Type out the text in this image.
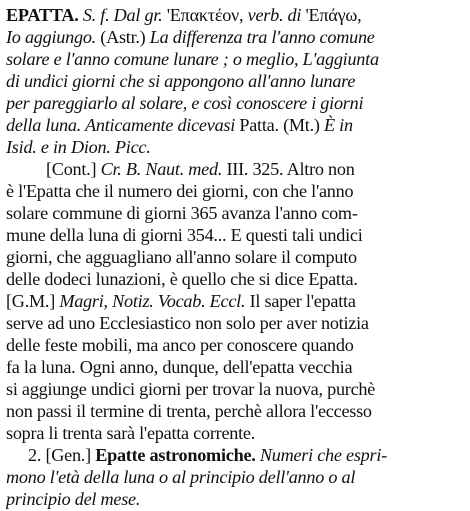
EPATTA. S. f. Dal gr. 'Επακτέον, verb. di 'Επάγω,
Io aggiungo. (Astr.) La differenza tra l'anno comune
solare e l'anno comune lunare ; o meglio, L'aggiunta
di undici giorni che si appongono all'anno lunare
per pareggiarlo al solare, e così conoscere i giorni
della luna. Anticamente dicevasi Patta. (Mt.) È in
Isid. e in Dion. Picc.
[Cont.] Cr. B. Naut. med. III. 325. Altro non
è l'Epatta che il numero dei giorni, con che l'anno
solare commune di giorni 365 avanza l'anno com-
mune della luna di giorni 354... E questi tali undici
giorni, che agguagliano all'anno solare il computo
delle dodeci lunazioni, è quello che si dice Epatta.
[G.M.] Magri, Notiz. Vocab. Eccl. Il saper l'epatta
serve ad uno Ecclesiastico non solo per aver notizia
delle feste mobili, ma anco per conoscere quando
fa la luna. Ogni anno, dunque, dell'epatta vecchia
si aggiunge undici giorni per trovar la nuova, purchè
non passi il termine di trenta, perchè allora l'eccesso
sopra li trenta sarà l'epatta corrente.
2. [Gen.] Epatte astronomiche. Numeri che espri-
mono l'età della luna o al principio dell'anno o al
principio del mese.
